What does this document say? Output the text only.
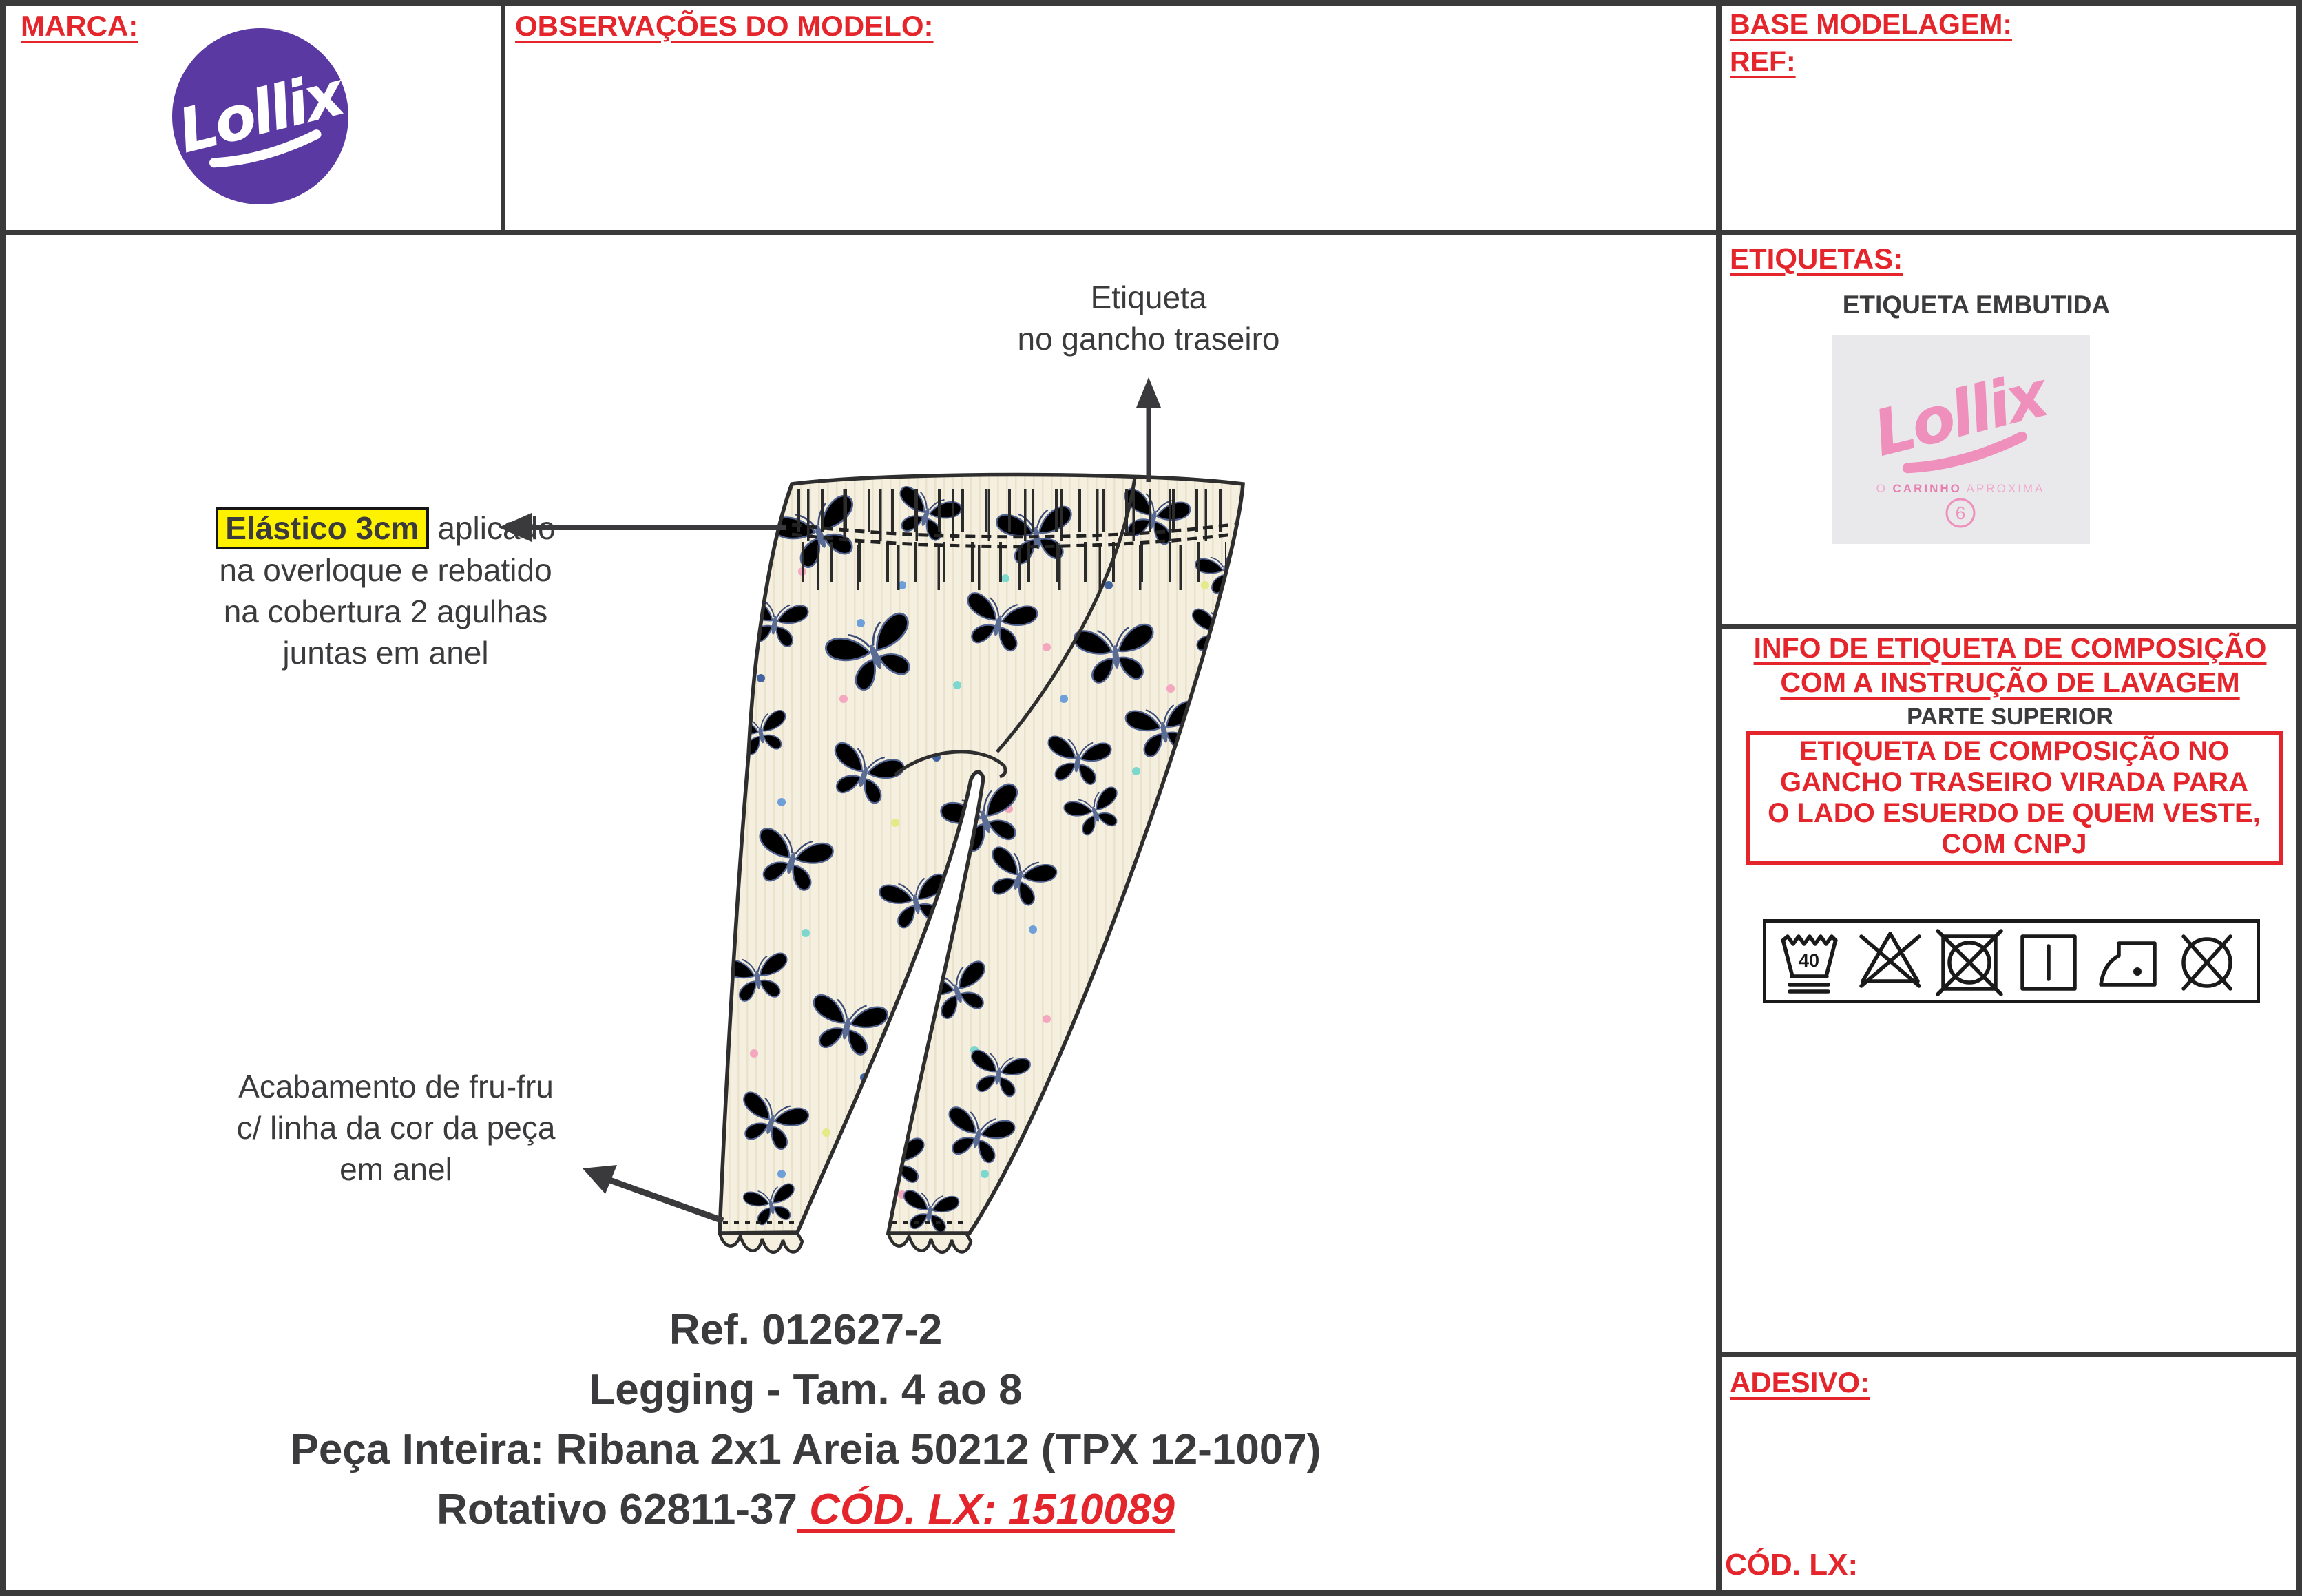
MARCA:
Lollix
OBSERVAÇÕES DO MODELO:	BASE MODELAGEM:
REF:
ETIQUETAS:
ETIQUETA EMBUTIDA
Lollix
O CARINHO APROXIMA
6
INFO DE ETIQUETA DE COMPOSIÇÃO
COM A INSTRUÇÃO DE LAVAGEM
PARTE SUPERIOR
ETIQUETA DE COMPOSIÇÃO NO
GANCHO TRASEIRO VIRADA PARA
O LADO ESUERDO DE QUEM VESTE,
COM CNPJ
40
ADESIVO:
CÓD. LX:
Etiqueta
no gancho traseiro
Elástico 3cm aplicado
na overloque e rebatido
na cobertura 2 agulhas
juntas em anel
Acabamento de fru-fru
c/ linha da cor da peça
em anel
Ref. 012627-2
Legging - Tam. 4 ao 8
Peça Inteira: Ribana 2x1 Areia 50212 (TPX 12-1007)
Rotativo 62811-37 CÓD. LX: 1510089
